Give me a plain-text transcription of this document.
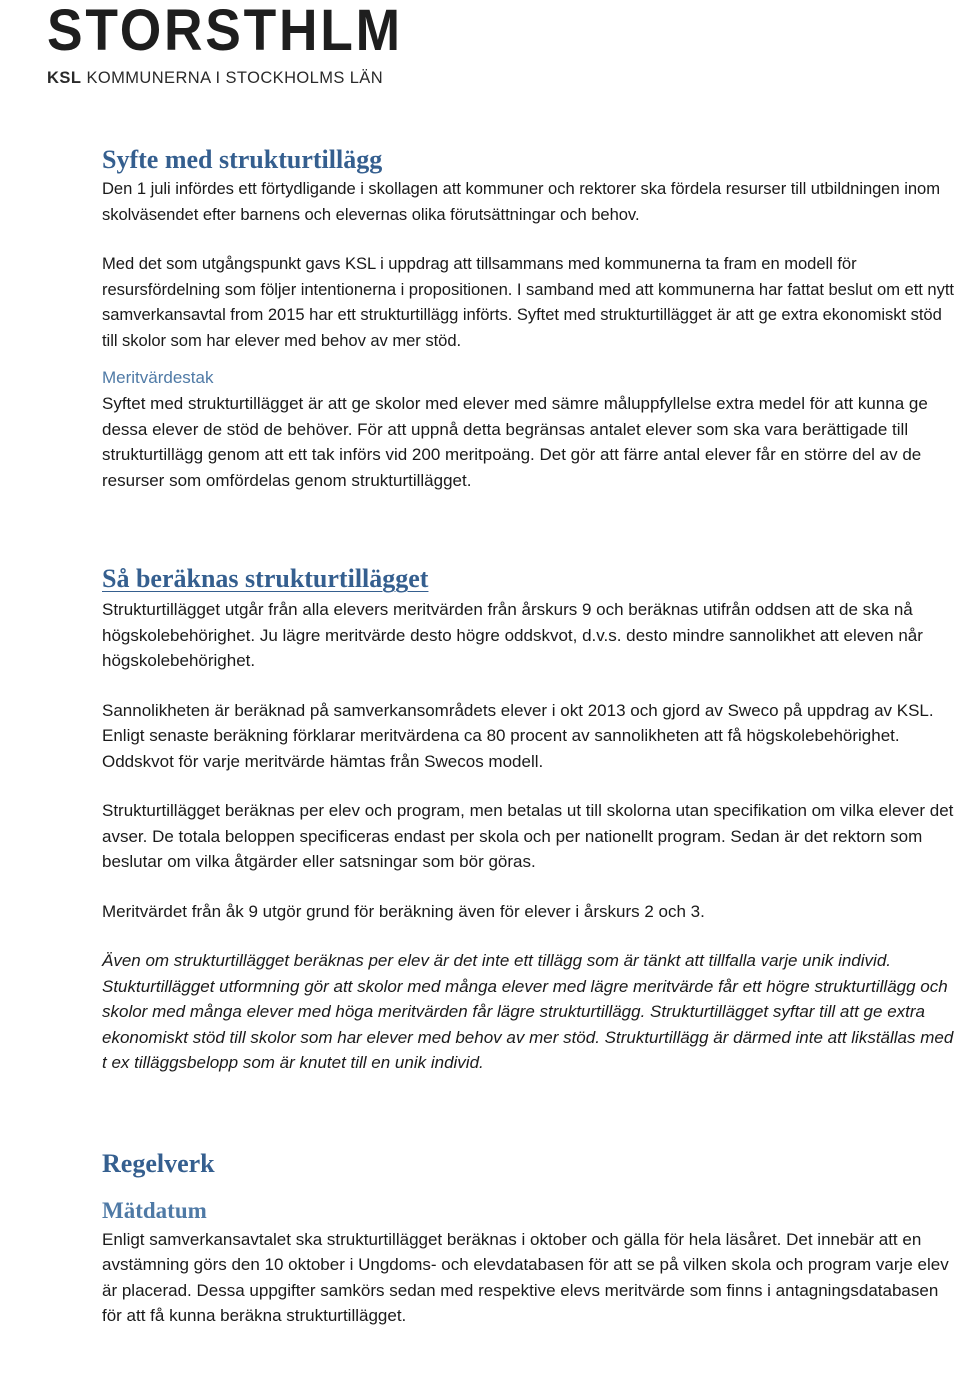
STORSTHLM
KSL KOMMUNERNA I STOCKHOLMS LÄN
Syfte med strukturtillägg

Den 1 juli infördes ett förtydligande i skollagen att kommuner och rektorer ska fördela resurser till utbildningen inom skolväsendet efter barnens och elevernas olika förutsättningar och behov.

Med det som utgångspunkt gavs KSL i uppdrag att tillsammans med kommunerna ta fram en modell för resursfördelning som följer intentionerna i propositionen. I samband med att kommunerna har fattat beslut om ett nytt samverkansavtal from 2015 har ett strukturtillägg införts. Syftet med strukturtillägget är att ge extra ekonomiskt stöd till skolor som har elever med behov av mer stöd.

Meritvärdestak

Syftet med strukturtillägget är att ge skolor med elever med sämre måluppfyllelse extra medel för att kunna ge dessa elever de stöd de behöver. För att uppnå detta begränsas antalet elever som ska vara berättigade till strukturtillägg genom att ett tak införs vid 200 meritpoäng. Det gör att färre antal elever får en större del av de resurser som omfördelas genom strukturtillägget.

Så beräknas strukturtillägget

Strukturtillägget utgår från alla elevers meritvärden från årskurs 9 och beräknas utifrån oddsen att de ska nå högskolebehörighet. Ju lägre meritvärde desto högre oddskvot, d.v.s. desto mindre sannolikhet att eleven når högskolebehörighet.

Sannolikheten är beräknad på samverkansområdets elever i okt 2013 och gjord av Sweco på uppdrag av KSL. Enligt senaste beräkning förklarar meritvärdena ca 80 procent av sannolikheten att få högskolebehörighet. Oddskvot för varje meritvärde hämtas från Swecos modell.

Strukturtillägget beräknas per elev och program, men betalas ut till skolorna utan specifikation om vilka elever det avser. De totala beloppen specificeras endast per skola och per nationellt program. Sedan är det rektorn som beslutar om vilka åtgärder eller satsningar som bör göras.

Meritvärdet från åk 9 utgör grund för beräkning även för elever i årskurs 2 och 3.

Även om strukturtillägget beräknas per elev är det inte ett tillägg som är tänkt att tillfalla varje unik individ. Stukturtillägget utformning gör att skolor med många elever med lägre meritvärde får ett högre strukturtillägg och skolor med många elever med höga meritvärden får lägre strukturtillägg. Strukturtillägget syftar till att ge extra ekonomiskt stöd till skolor som har elever med behov av mer stöd. Strukturtillägg är därmed inte att likställas med t ex tilläggsbelopp som är knutet till en unik individ.

Regelverk
Mätdatum

Enligt samverkansavtalet ska strukturtillägget beräknas i oktober och gälla för hela läsåret. Det innebär att en avstämning görs den 10 oktober i Ungdoms- och elevdatabasen för att se på vilken skola och program varje elev är placerad. Dessa uppgifter samkörs sedan med respektive elevs meritvärde som finns i antagningsdatabasen för att få kunna beräkna strukturtillägget.
